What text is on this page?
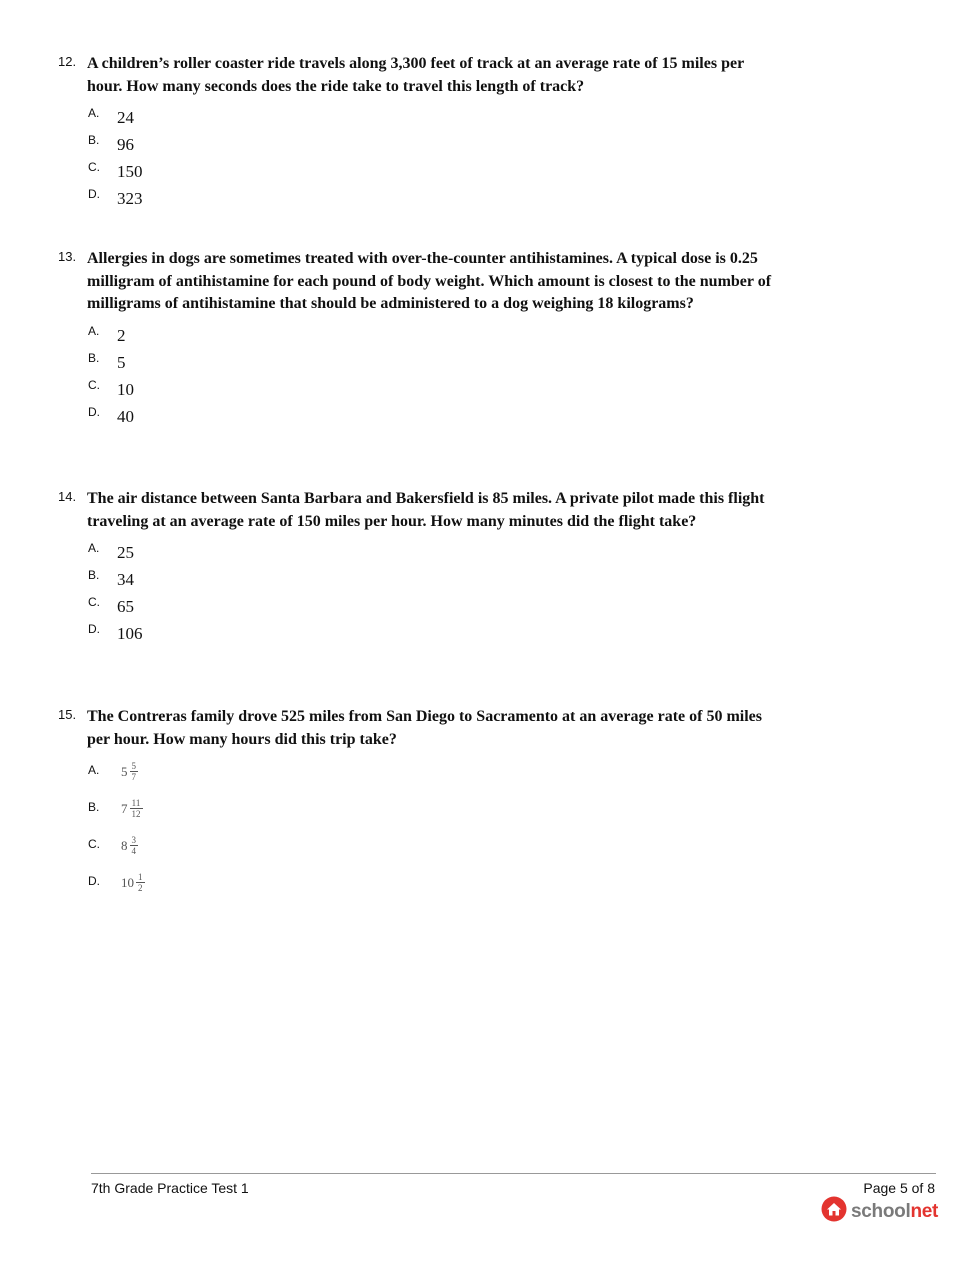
12. A children’s roller coaster ride travels along 3,300 feet of track at an average rate of 15 miles per hour. How many seconds does the ride take to travel this length of track?
A. 24
B. 96
C. 150
D. 323
13. Allergies in dogs are sometimes treated with over-the-counter antihistamines. A typical dose is 0.25 milligram of antihistamine for each pound of body weight. Which amount is closest to the number of milligrams of antihistamine that should be administered to a dog weighing 18 kilograms?
A. 2
B. 5
C. 10
D. 40
14. The air distance between Santa Barbara and Bakersfield is 85 miles. A private pilot made this flight traveling at an average rate of 150 miles per hour. How many minutes did the flight take?
A. 25
B. 34
C. 65
D. 106
15. The Contreras family drove 525 miles from San Diego to Sacramento at an average rate of 50 miles per hour. How many hours did this trip take?
A. $5 \frac{5}{7}$
B. $7 \frac{11}{12}$
C. $8 \frac{3}{4}$
D. $10 \frac{1}{2}$
7th Grade Practice Test 1	Page 5 of 8
schoolnet
